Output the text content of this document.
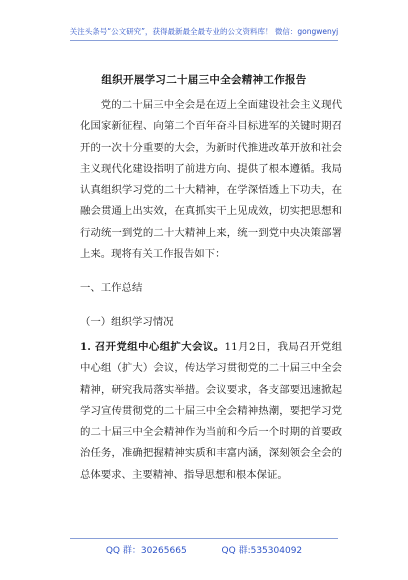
关注头条号“公文研究”，获得最新最全最专业的公文资料库！ 微信：gongwenyj
组织开展学习二十届三中全会精神工作报告
党的二十届三中全会是在迈上全面建设社会主义现代化国家新征程、向第二个百年奋斗目标进军的关键时期召开的一次十分重要的大会，为新时代推进改革开放和社会主义现代化建设指明了前进方向、提供了根本遵循。我局认真组织学习党的二十大精神，在学深悟透上下功夫，在融会贯通上出实效，在真抓实干上见成效，切实把思想和行动统一到党的二十大精神上来，统一到党中央决策部署上来。现将有关工作报告如下：
一、工作总结
（一）组织学习情况
1. 召开党组中心组扩大会议。11月2日，我局召开党组中心组（扩大）会议，传达学习贯彻党的二十届三中全会精神，研究我局落实举措。会议要求，各支部要迅速掀起学习宣传贯彻党的二十届三中全会精神热潮，要把学习党的二十届三中全会精神作为当前和今后一个时期的首要政治任务，准确把握精神实质和丰富内涵，深刻领会全会的总体要求、主要精神、指导思想和根本保证。
QQ 群：30265665	QQ 群:535304092
